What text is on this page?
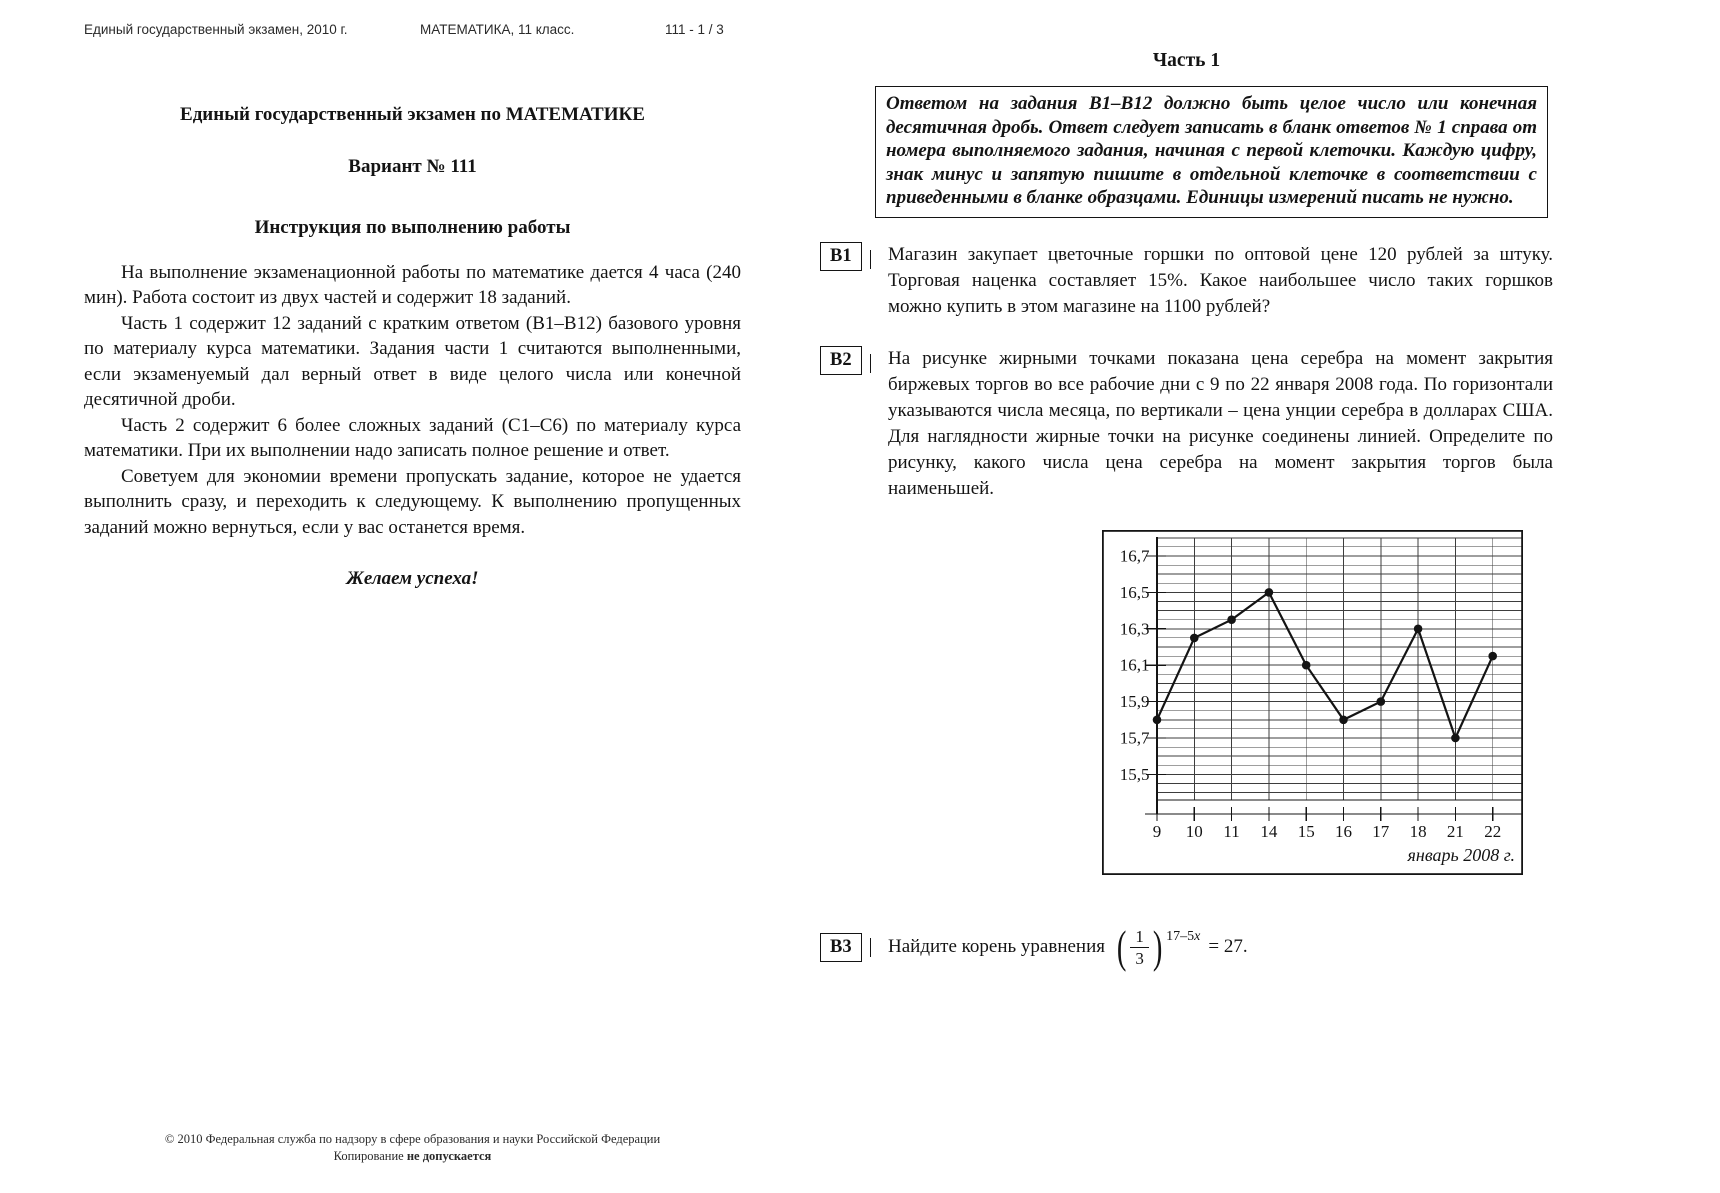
Единый государственный экзамен, 2010 г.	МАТЕМАТИКА, 11 класс.	111 - 1 / 3
Единый государственный экзамен по МАТЕМАТИКЕ
Вариант № 111
Инструкция по выполнению работы

На выполнение экзаменационной работы по математике дается 4 часа (240 мин). Работа состоит из двух частей и содержит 18 заданий.

Часть 1 содержит 12 заданий с кратким ответом (В1–В12) базового уровня по материалу курса математики. Задания части 1 считаются выполненными, если экзаменуемый дал верный ответ в виде целого числа или конечной десятичной дроби.

Часть 2 содержит 6 более сложных заданий (С1–С6) по материалу курса математики. При их выполнении надо записать полное решение и ответ.

Советуем для экономии времени пропускать задание, которое не удается выполнить сразу, и переходить к следующему. К выполнению пропущенных заданий можно вернуться, если у вас останется время.

Желаем успеха!
Часть 1
Ответом на задания В1–В12 должно быть целое число или конечная десятичная дробь. Ответ следует записать в бланк ответов № 1 справа от номера выполняемого задания, начиная с первой клеточки. Каждую цифру, знак минус и запятую пишите в отдельной клеточке в соответствии с приведенными в бланке образцами. Единицы измерений писать не нужно.
В1	Магазин закупает цветочные горшки по оптовой цене 120 рублей за штуку. Торговая наценка составляет 15%. Какое наибольшее число таких горшков можно купить в этом магазине на 1100 рублей?
В2	На рисунке жирными точками показана цена серебра на момент закрытия биржевых торгов во все рабочие дни с 9 по 22 января 2008 года. По горизонтали указываются числа месяца, по вертикали – цена унции серебра в долларах США. Для наглядности жирные точки на рисунке соединены линией. Определите по рисунку, какого числа цена серебра на момент закрытия торгов была наименьшей.
16,7
16,5
16,3
16,1
15,9
15,7
15,5
9 10 11 14 15 16 17 18 21 22
январь 2008 г.
В3	Найдите корень уравнения ( $\frac{1}{3}$ ) 17–5x = 27.
© 2010 Федеральная служба по надзору в сфере образования и науки Российской Федерации
Копирование не допускается
